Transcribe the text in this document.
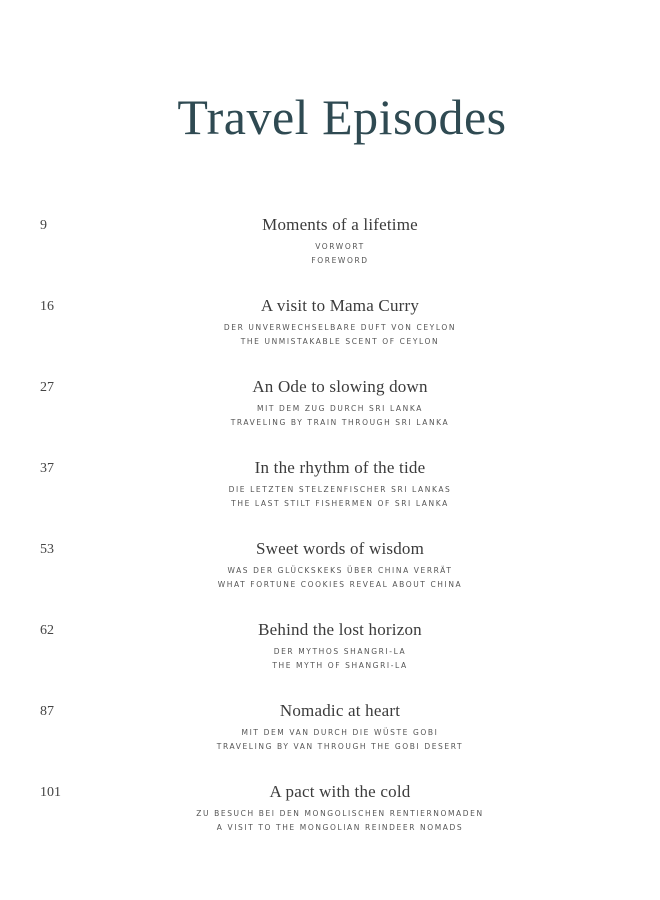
Travel Episodes
9	Moments of a lifetime
VORWORT
FOREWORD
16	A visit to Mama Curry
DER UNVERWECHSELBARE DUFT VON CEYLON
THE UNMISTAKABLE SCENT OF CEYLON
27	An Ode to slowing down
MIT DEM ZUG DURCH SRI LANKA
TRAVELING BY TRAIN THROUGH SRI LANKA
37	In the rhythm of the tide
DIE LETZTEN STELZENFISCHER SRI LANKAS
THE LAST STILT FISHERMEN OF SRI LANKA
53	Sweet words of wisdom
WAS DER GLÜCKSKEKS ÜBER CHINA VERRÄT
WHAT FORTUNE COOKIES REVEAL ABOUT CHINA
62	Behind the lost horizon
DER MYTHOS SHANGRI-LA
THE MYTH OF SHANGRI-LA
87	Nomadic at heart
MIT DEM VAN DURCH DIE WÜSTE GOBI
TRAVELING BY VAN THROUGH THE GOBI DESERT
101	A pact with the cold
ZU BESUCH BEI DEN MONGOLISCHEN RENTIERNOMADEN
A VISIT TO THE MONGOLIAN REINDEER NOMADS
